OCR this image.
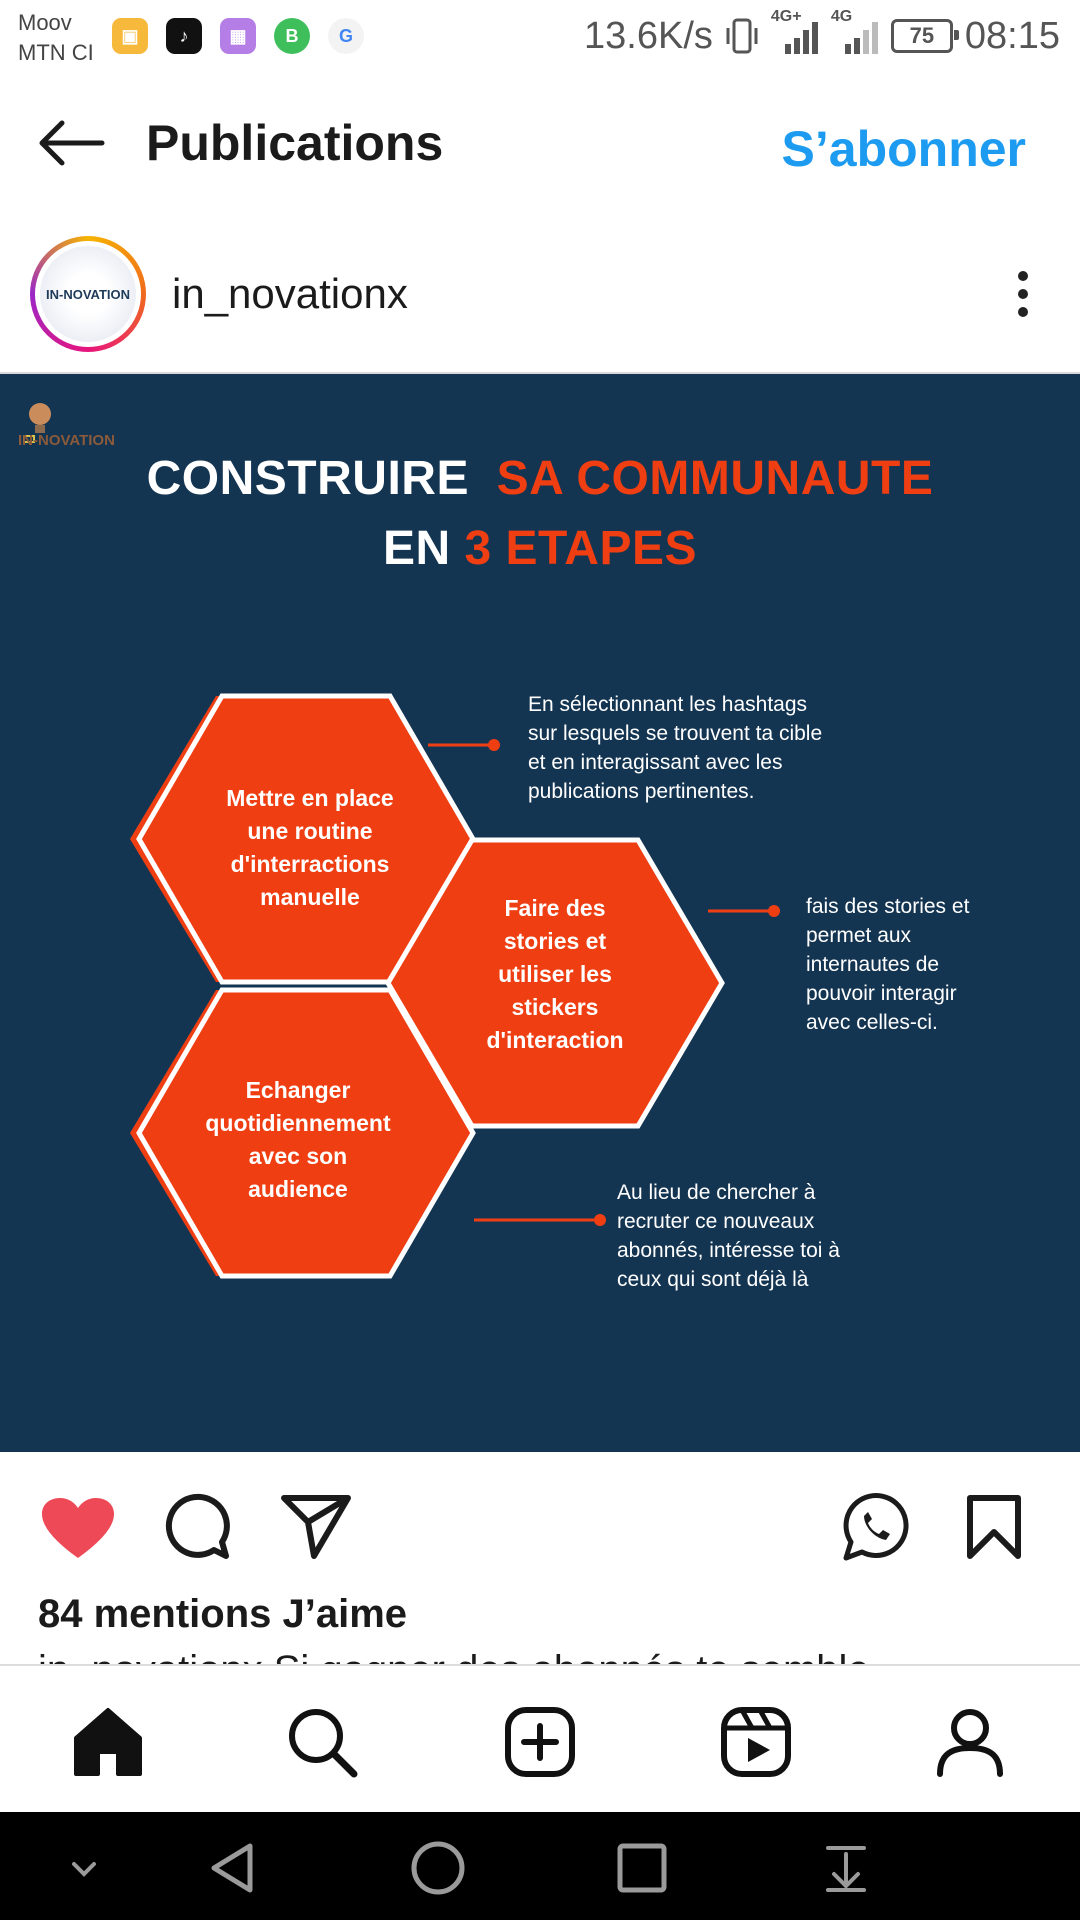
Moov
MTN CI
▣	♪	▦	B	G	13.6K/s	4G+ 4G
75 08:15
Publications	S’abonner
IN-NOVATION in_novationx
IN-NOVATION
CONSTRUIRE  SA COMMUNAUTE
EN 3 ETAPES
Mettre en place
une routine
d'interractions
manuelle	Faire des
stories et
utiliser les
stickers
d'interaction
Echanger
quotidiennement
avec son
audience
En sélectionnant les hashtags
sur lesquels se trouvent ta cible
et en interagissant avec les
publications pertinentes.
fais des stories et
permet aux
internautes de
pouvoir interagir
avec celles-ci.
Au lieu de chercher à
recruter ce nouveaux
abonnés, intéresse toi à
ceux qui sont déjà là
84 mentions J’aime
